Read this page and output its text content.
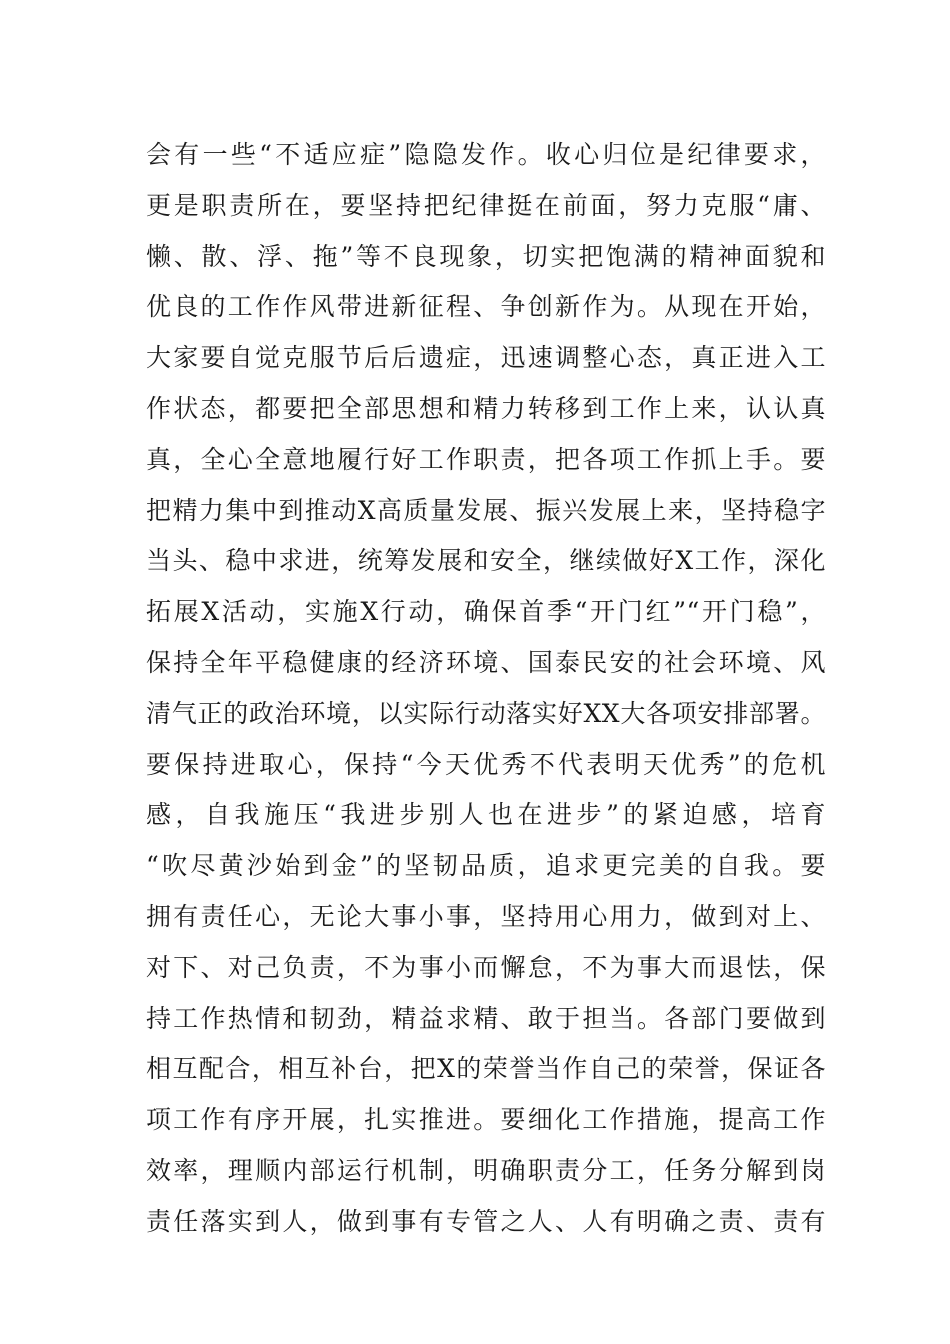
会有一些“不适应症”隐隐发作。收心归位是纪律要求，
更是职责所在，要坚持把纪律挺在前面，努力克服“庸、
懒、散、浮、拖”等不良现象，切实把饱满的精神面貌和
优良的工作作风带进新征程、争创新作为。从现在开始，
大家要自觉克服节后后遗症，迅速调整心态，真正进入工
作状态，都要把全部思想和精力转移到工作上来，认认真
真，全心全意地履行好工作职责，把各项工作抓上手。要
把精力集中到推动X高质量发展、振兴发展上来，坚持稳字
当头、稳中求进，统筹发展和安全，继续做好X工作，深化
拓展X活动，实施X行动，确保首季“开门红”“开门稳”，
保持全年平稳健康的经济环境、国泰民安的社会环境、风
清气正的政治环境，以实际行动落实好XX大各项安排部署。
要保持进取心，保持“今天优秀不代表明天优秀”的危机
感，自我施压“我进步别人也在进步”的紧迫感，培育
“吹尽黄沙始到金”的坚韧品质，追求更完美的自我。要
拥有责任心，无论大事小事，坚持用心用力，做到对上、
对下、对己负责，不为事小而懈怠，不为事大而退怯，保
持工作热情和韧劲，精益求精、敢于担当。各部门要做到
相互配合，相互补台，把X的荣誉当作自己的荣誉，保证各
项工作有序开展，扎实推进。要细化工作措施，提高工作
效率，理顺内部运行机制，明确职责分工，任务分解到岗
责任落实到人，做到事有专管之人、人有明确之责、责有
